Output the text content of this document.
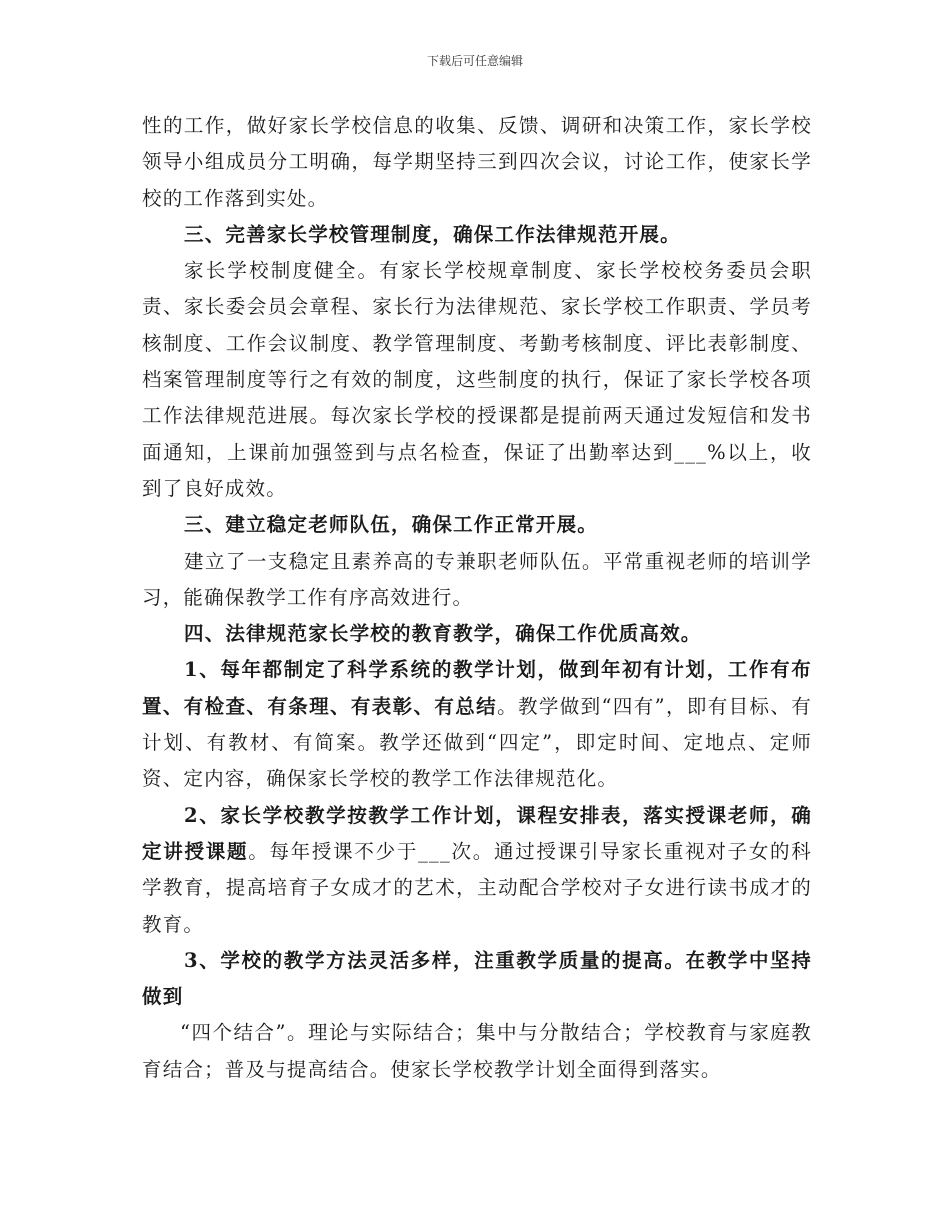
下载后可任意编辑

性的工作，做好家长学校信息的收集、反馈、调研和决策工作，家长学校领导小组成员分工明确，每学期坚持三到四次会议，讨论工作，使家长学校的工作落到实处。

三、完善家长学校管理制度，确保工作法律规范开展。

家长学校制度健全。有家长学校规章制度、家长学校校务委员会职责、家长委会员会章程、家长行为法律规范、家长学校工作职责、学员考核制度、工作会议制度、教学管理制度、考勤考核制度、评比表彰制度、档案管理制度等行之有效的制度，这些制度的执行，保证了家长学校各项工作法律规范进展。每次家长学校的授课都是提前两天通过发短信和发书面通知，上课前加强签到与点名检查，保证了出勤率达到___%以上，收到了良好成效。

三、建立稳定老师队伍，确保工作正常开展。

建立了一支稳定且素养高的专兼职老师队伍。平常重视老师的培训学习，能确保教学工作有序高效进行。

四、法律规范家长学校的教育教学，确保工作优质高效。

1、每年都制定了科学系统的教学计划，做到年初有计划，工作有布置、有检查、有条理、有表彰、有总结。教学做到“四有”，即有目标、有计划、有教材、有简案。教学还做到“四定”，即定时间、定地点、定师资、定内容，确保家长学校的教学工作法律规范化。

2、家长学校教学按教学工作计划，课程安排表，落实授课老师，确定讲授课题。每年授课不少于___次。通过授课引导家长重视对子女的科学教育，提高培育子女成才的艺术，主动配合学校对子女进行读书成才的教育。

3、学校的教学方法灵活多样，注重教学质量的提高。在教学中坚持做到

“四个结合”。理论与实际结合；集中与分散结合；学校教育与家庭教育结合；普及与提高结合。使家长学校教学计划全面得到落实。
